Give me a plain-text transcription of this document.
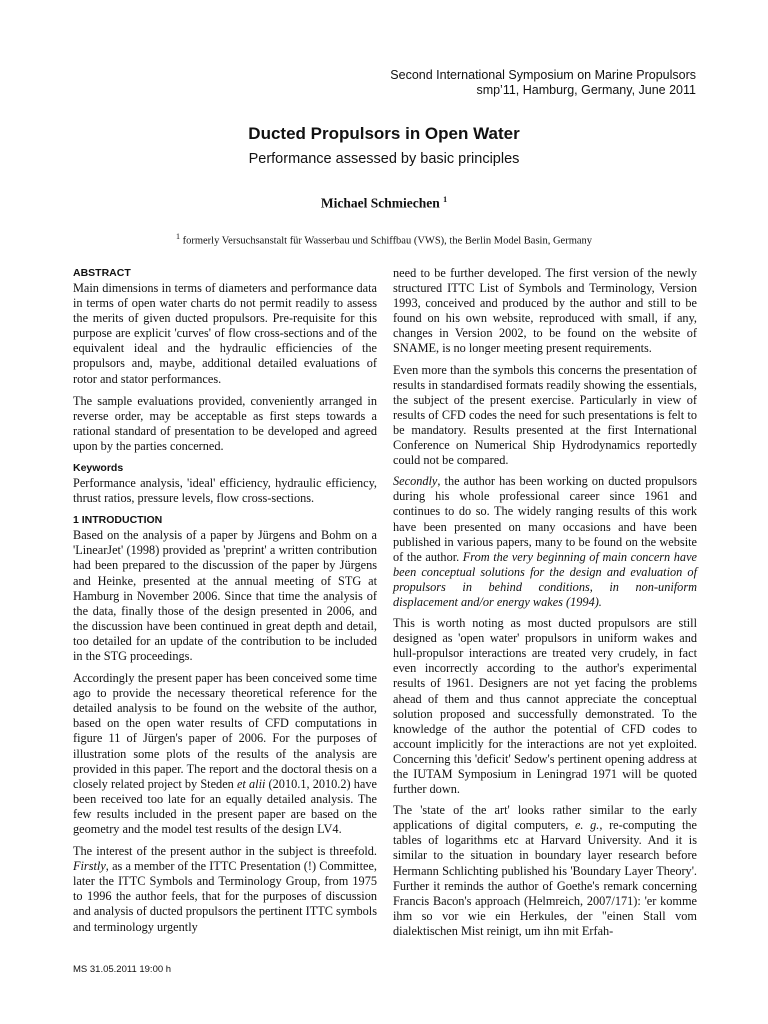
Second International Symposium on Marine Propulsors
smp’11, Hamburg, Germany, June 2011
Ducted Propulsors in Open Water
Performance assessed by basic principles
Michael Schmiechen $^1$
$^1$ formerly Versuchsanstalt für Wasserbau und Schiffbau (VWS), the Berlin Model Basin, Germany
ABSTRACT

Main dimensions in terms of diameters and performance data in terms of open water charts do not permit readily to assess the merits of given ducted propulsors. Pre-requisite for this purpose are explicit 'curves' of flow cross-sections and of the equivalent ideal and the hydraulic efficiencies of the propulsors and, maybe, additional detailed evaluations of rotor and stator performances.

The sample evaluations provided, conveniently arranged in reverse order, may be acceptable as first steps towards a rational standard of presentation to be developed and agreed upon by the parties concerned.

Keywords

Performance analysis, 'ideal' efficiency, hydraulic efficiency, thrust ratios, pressure levels, flow cross-sections.

1 INTRODUCTION

Based on the analysis of a paper by Jürgens and Bohm on a 'LinearJet' (1998) provided as 'preprint' a written contribution had been prepared to the discussion of the paper by Jürgens and Heinke, presented at the annual meeting of STG at Hamburg in November 2006. Since that time the analysis of the data, finally those of the design presented in 2006, and the discussion have been continued in great depth and detail, too detailed for an update of the contribution to be included in the STG proceedings.

Accordingly the present paper has been conceived some time ago to provide the necessary theoretical reference for the detailed analysis to be found on the website of the author, based on the open water results of CFD computations in figure 11 of Jürgen's paper of 2006. For the purposes of illustration some plots of the results of the analysis are provided in this paper. The report and the doctoral thesis on a closely related project by Steden et alii (2010.1, 2010.2) have been received too late for an equally detailed analysis. The few results included in the present paper are based on the geometry and the model test results of the design LV4.

The interest of the present author in the subject is threefold. Firstly, as a member of the ITTC Presentation (!) Committee, later the ITTC Symbols and Terminology Group, from 1975 to 1996 the author feels, that for the purposes of discussion and analysis of ducted propulsors the pertinent ITTC symbols and terminology urgently

need to be further developed. The first version of the newly structured ITTC List of Symbols and Terminology, Version 1993, conceived and produced by the author and still to be found on his own website, reproduced with small, if any, changes in Version 2002, to be found on the website of SNAME, is no longer meeting present requirements.

Even more than the symbols this concerns the presentation of results in standardised formats readily showing the essentials, the subject of the present exercise. Particularly in view of results of CFD codes the need for such presentations is felt to be mandatory. Results presented at the first International Conference on Numerical Ship Hydrodynamics reportedly could not be compared.

Secondly, the author has been working on ducted propulsors during his whole professional career since 1961 and continues to do so. The widely ranging results of this work have been presented on many occasions and have been published in various papers, many to be found on the website of the author. From the very beginning of main concern have been conceptual solutions for the design and evaluation of propulsors in behind conditions, in non-uniform displacement and/or energy wakes (1994).

This is worth noting as most ducted propulsors are still designed as 'open water' propulsors in uniform wakes and hull-propulsor interactions are treated very crudely, in fact even incorrectly according to the author's experimental results of 1961. Designers are not yet facing the problems ahead of them and thus cannot appreciate the conceptual solution proposed and successfully demonstrated. To the knowledge of the author the potential of CFD codes to account implicitly for the interactions are not yet exploited. Concerning this 'deficit' Sedow's pertinent opening address at the IUTAM Symposium in Leningrad 1971 will be quoted further down.

The 'state of the art' looks rather similar to the early applications of digital computers, e. g., re-computing the tables of logarithms etc at Harvard University. And it is similar to the situation in boundary layer research before Hermann Schlichting published his 'Boundary Layer Theory'. Further it reminds the author of Goethe's remark concerning Francis Bacon's approach (Helmreich, 2007/171): 'er komme ihm so vor wie ein Herkules, der "einen Stall vom dialektischen Mist reinigt, um ihn mit Erfah-

MS 31.05.2011 19:00 h
